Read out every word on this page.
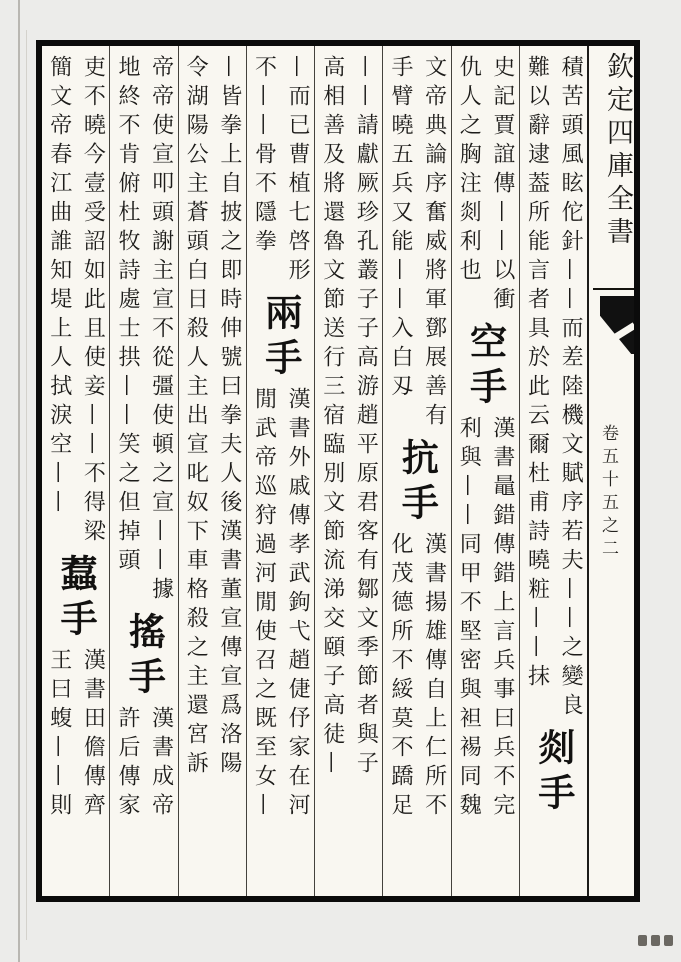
欽定四庫全書
卷五十五之二
積苦頭風眩佗針——而差陸機文賦序若夫——之變良
難以辭逮葢所能言者具於此云爾杜甫詩曉粧——抹
剡手
史記賈誼傳——以衝
仇人之胸注剡利也
空手
漢書鼂錯傳錯上言兵事曰兵不完
利與——同甲不堅密與袒裼同魏
文帝典論序奮威將軍鄧展善有
手臂曉五兵又能——入白刄
抗手
漢書揚雄傳自上仁所不
化茂德所不綏莫不蹻足
——請獻厥珍孔叢子子高游趙平原君客有鄒文季節者與子
高相善及將還魯文節送行三宿臨別文節流涕交頤子高徒—
—而已曹植七啓形
不——骨不隱拳
兩手
漢書外戚傳孝武鉤弋趙倢伃家在河
閒武帝巡狩過河閒使召之既至女—
—皆拳上自披之即時伸號曰拳夫人後漢書董宣傳宣爲洛陽
令湖陽公主蒼頭白日殺人主出宣叱奴下車格殺之主還宮訴
帝帝使宣叩頭謝主宣不從彊使頓之宣——據
地終不肯俯杜牧詩處士拱——笑之但掉頭
搖手
漢書成帝
許后傳家
吏不曉今壹受詔如此且使妾——不得梁
簡文帝春江曲誰知堤上人拭淚空——
蠚手
漢書田儋傳齊
王曰蝮——則
